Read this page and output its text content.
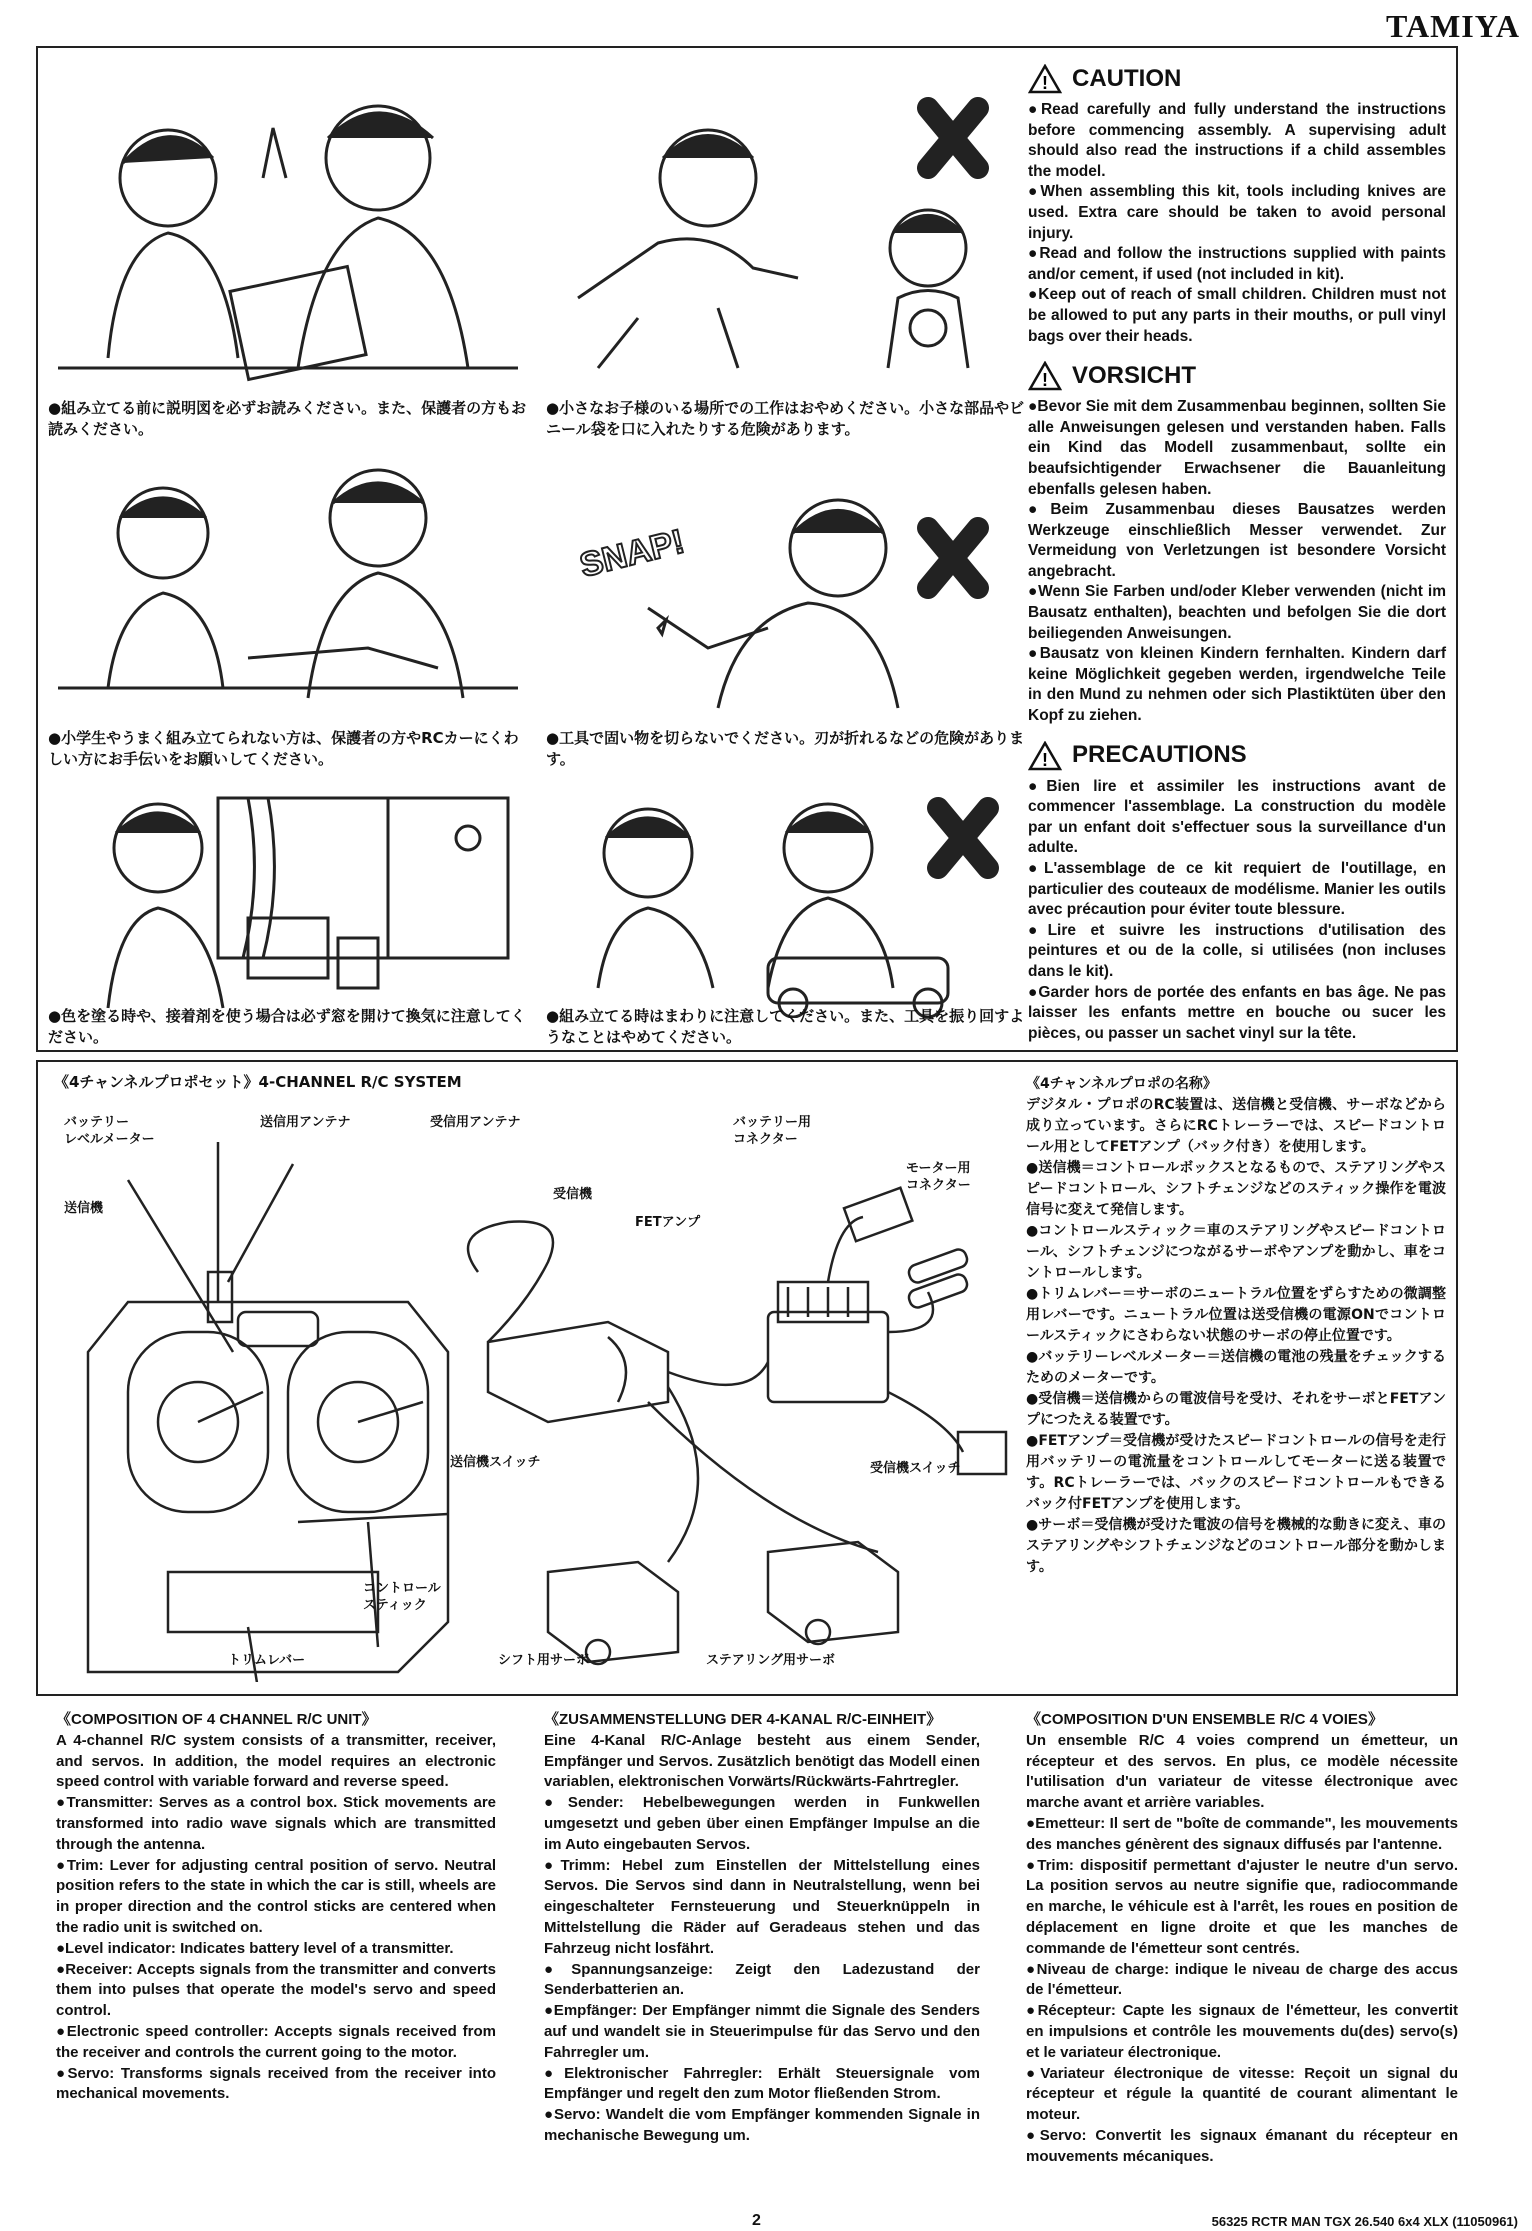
TAMIYA
●組み立てる前に説明図を必ずお読みください。また、保護者の方もお読みください。
●小さなお子様のいる場所での工作はおやめください。小さな部品やビニール袋を口に入れたりする危険があります。
●小学生やうまく組み立てられない方は、保護者の方やRCカーにくわしい方にお手伝いをお願いしてください。
SNAP!
●工具で固い物を切らないでください。刃が折れるなどの危険があります。
●色を塗る時や、接着剤を使う場合は必ず窓を開けて換気に注意してください。
●組み立てる時はまわりに注意してください。また、工具を振り回すようなことはやめてください。
! CAUTION

●Read carefully and fully understand the instructions before commencing assembly. A supervising adult should also read the instructions if a child assembles the model.

●When assembling this kit, tools including knives are used. Extra care should be taken to avoid personal injury.

●Read and follow the instructions supplied with paints and/or cement, if used (not included in kit).

●Keep out of reach of small children. Children must not be allowed to put any parts in their mouths, or pull vinyl bags over their heads.

! VORSICHT

●Bevor Sie mit dem Zusammenbau beginnen, sollten Sie alle Anweisungen gelesen und verstanden haben. Falls ein Kind das Modell zusammenbaut, sollte ein beaufsichtigender Erwachsener die Bauanleitung ebenfalls gelesen haben.

●Beim Zusammenbau dieses Bausatzes werden Werkzeuge einschließlich Messer verwendet. Zur Vermeidung von Verletzungen ist besondere Vorsicht angebracht.

●Wenn Sie Farben und/oder Kleber verwenden (nicht im Bausatz enthalten), beachten und befolgen Sie die dort beiliegenden Anweisungen.

●Bausatz von kleinen Kindern fernhalten. Kindern darf keine Möglichkeit gegeben werden, irgendwelche Teile in den Mund zu nehmen oder sich Plastiktüten über den Kopf zu ziehen.

! PRECAUTIONS

●Bien lire et assimiler les instructions avant de commencer l'assemblage. La construction du modèle par un enfant doit s'effectuer sous la surveillance d'un adulte.

●L'assemblage de ce kit requiert de l'outillage, en particulier des couteaux de modélisme. Manier les outils avec précaution pour éviter toute blessure.

●Lire et suivre les instructions d'utilisation des peintures et ou de la colle, si utilisées (non incluses dans le kit).

●Garder hors de portée des enfants en bas âge. Ne pas laisser les enfants mettre en bouche ou sucer les pièces, ou passer un sachet vinyl sur la tête.

《4チャンネルプロポセット》4-CHANNEL R/C SYSTEM
バッテリー
レベルメーター
送信用アンテナ	受信用アンテナ	バッテリー用
コネクター
モーター用
コネクター
受信機
送信機
FETアンプ
送信機スイッチ	受信機スイッチ
コントロール
スティック
トリムレバー	シフト用サーボ	ステアリング用サーボ

《4チャンネルプロポの名称》

デジタル・プロポのRC装置は、送信機と受信機、サーボなどから成り立っています。さらにRCトレーラーでは、スピードコントロール用としてFETアンプ（バック付き）を使用します。

●送信機＝コントロールボックスとなるもので、ステアリングやスピードコントロール、シフトチェンジなどのスティック操作を電波信号に変えて発信します。

●コントロールスティック＝車のステアリングやスピードコントロール、シフトチェンジにつながるサーボやアンプを動かし、車をコントロールします。

●トリムレバー＝サーボのニュートラル位置をずらすための微調整用レバーです。ニュートラル位置は送受信機の電源ONでコントロールスティックにさわらない状態のサーボの停止位置です。

●バッテリーレベルメーター＝送信機の電池の残量をチェックするためのメーターです。

●受信機＝送信機からの電波信号を受け、それをサーボとFETアンプにつたえる装置です。

●FETアンプ＝受信機が受けたスピードコントロールの信号を走行用バッテリーの電流量をコントロールしてモーターに送る装置です。RCトレーラーでは、バックのスピードコントロールもできるバック付FETアンプを使用します。

●サーボ＝受信機が受けた電波の信号を機械的な動きに変え、車のステアリングやシフトチェンジなどのコントロール部分を動かします。

《COMPOSITION OF 4 CHANNEL R/C UNIT》

A 4-channel R/C system consists of a transmitter, receiver, and servos. In addition, the model requires an electronic speed control with variable forward and reverse speed.

●Transmitter: Serves as a control box. Stick movements are transformed into radio wave signals which are transmitted through the antenna.

●Trim: Lever for adjusting central position of servo. Neutral position refers to the state in which the car is still, wheels are in proper direction and the control sticks are centered when the radio unit is switched on.

●Level indicator: Indicates battery level of a transmitter.

●Receiver: Accepts signals from the transmitter and converts them into pulses that operate the model's servo and speed control.

●Electronic speed controller: Accepts signals received from the receiver and controls the current going to the motor.

●Servo: Transforms signals received from the receiver into mechanical movements.

《ZUSAMMENSTELLUNG DER 4-KANAL R/C-EINHEIT》

Eine 4-Kanal R/C-Anlage besteht aus einem Sender, Empfänger und Servos. Zusätzlich benötigt das Modell einen variablen, elektronischen Vorwärts/Rückwärts-Fahrtregler.

●Sender: Hebelbewegungen werden in Funkwellen umgesetzt und geben über einen Empfänger Impulse an die im Auto eingebauten Servos.

●Trimm: Hebel zum Einstellen der Mittelstellung eines Servos. Die Servos sind dann in Neutralstellung, wenn bei eingeschalteter Fernsteuerung und Steuerknüppeln in Mittelstellung die Räder auf Geradeaus stehen und das Fahrzeug nicht losfährt.

●Spannungsanzeige: Zeigt den Ladezustand der Senderbatterien an.

●Empfänger: Der Empfänger nimmt die Signale des Senders auf und wandelt sie in Steuerimpulse für das Servo und den Fahrregler um.

●Elektronischer Fahrregler: Erhält Steuersignale vom Empfänger und regelt den zum Motor fließenden Strom.

●Servo: Wandelt die vom Empfänger kommenden Signale in mechanische Bewegung um.

《COMPOSITION D'UN ENSEMBLE R/C 4 VOIES》

Un ensemble R/C 4 voies comprend un émetteur, un récepteur et des servos. En plus, ce modèle nécessite l'utilisation d'un variateur de vitesse électronique avec marche avant et arrière variables.

●Emetteur: Il sert de "boîte de commande", les mouvements des manches génèrent des signaux diffusés par l'antenne.

●Trim: dispositif permettant d'ajuster le neutre d'un servo. La position servos au neutre signifie que, radiocommande en marche, le véhicule est à l'arrêt, les roues en position de déplacement en ligne droite et que les manches de commande de l'émetteur sont centrés.

●Niveau de charge: indique le niveau de charge des accus de l'émetteur.

●Récepteur: Capte les signaux de l'émetteur, les convertit en impulsions et contrôle les mouvements du(des) servo(s) et le variateur électronique.

●Variateur électronique de vitesse: Reçoit un signal du récepteur et régule la quantité de courant alimentant le moteur.

●Servo: Convertit les signaux émanant du récepteur en mouvements mécaniques.

2	56325 RCTR MAN TGX 26.540 6x4 XLX (11050961)
